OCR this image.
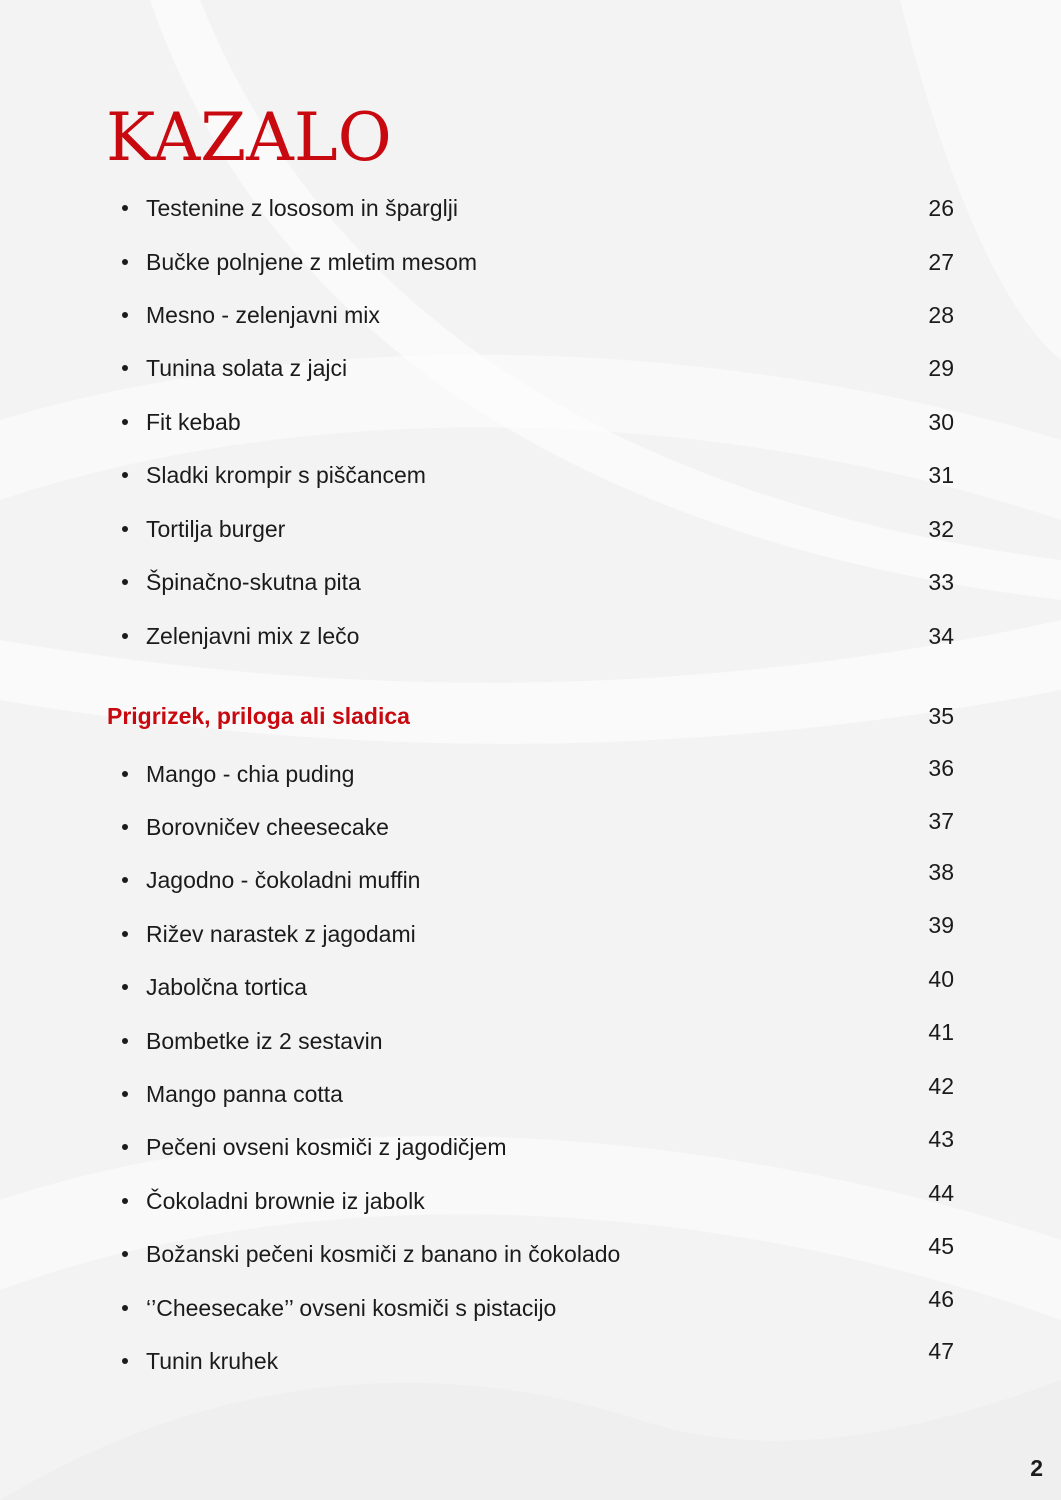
KAZALO
Testenine z lososom in šparglji	26
Bučke polnjene z mletim mesom	27
Mesno - zelenjavni mix	28
Tunina solata z jajci	29
Fit kebab	30
Sladki krompir s piščancem	31
Tortilja burger	32
Špinačno-skutna pita	33
Zelenjavni mix z lečo	34
Prigrizek, priloga ali sladica	35
Mango - chia puding	36
Borovničev cheesecake	37
Jagodno - čokoladni muffin	38
Rižev narastek z jagodami	39
Jabolčna tortica	40
Bombetke iz 2 sestavin	41
Mango panna cotta	42
Pečeni ovseni kosmiči z jagodičjem	43
Čokoladni brownie iz jabolk	44
Božanski pečeni kosmiči z banano in čokolado	45
‘’Cheesecake’’ ovseni kosmiči s pistacijo	46
Tunin kruhek	47
2
